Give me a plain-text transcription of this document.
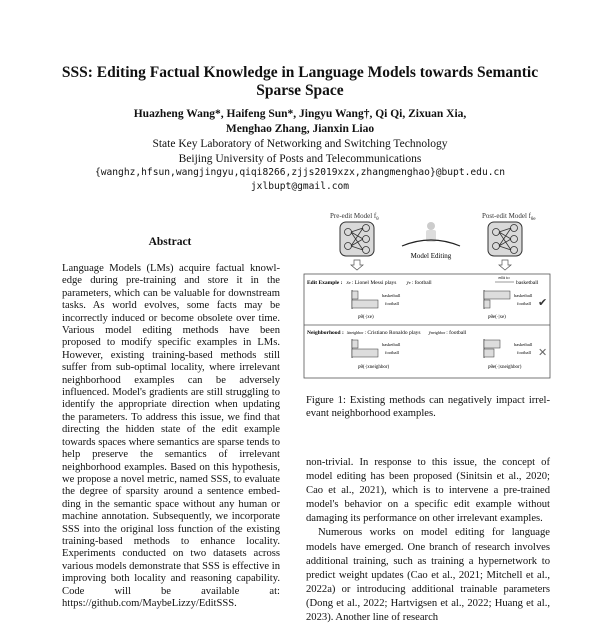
SSS: Editing Factual Knowledge in Language Models towards Semantic Sparse Space
Huazheng Wang*, Haifeng Sun*, Jingyu Wang†, Qi Qi, Zixuan Xia,
Menghao Zhang, Jianxin Liao
State Key Laboratory of Networking and Switching Technology
Beijing University of Posts and Telecommunications
{wanghz,hfsun,wangjingyu,qiqi8266,zjjs2019xzx,zhangmenghao}@bupt.edu.cn
jxlbupt@gmail.com
Abstract
Language Models (LMs) acquire factual knowledge during pre-training and store it in the parameters, which can be valuable for downstream tasks. As world evolves, some facts may be incorrectly induced or become obsolete over time. Various model editing methods have been proposed to modify specific examples in LMs. However, existing training-based methods still suffer from sub-optimal locality, where irrelevant neighborhood examples can be adversely influenced. Model's gradients are still struggling to identify the appropriate direction when updating the parameters. To address this issue, we find that directing the hidden state of the edit example towards spaces where semantics are sparse tends to help preserve the semantics of irrelevant neighborhood examples. Based on this hypothesis, we propose a novel metric, named SSS, to evaluate the degree of sparsity around a sentence embedding in the semantic space without any human or machine annotation. Subsequently, we incorporate SSS into the original loss function of the existing training-based methods to enhance locality. Experiments conducted on two datasets across various models demonstrate that SSS is effective in improving both locality and reasoning capability. Code will be available at: https://github.com/MaybeLizzy/EditSSS.
Pre-edit Model $f_\theta$	Post-edit Model $f_{\theta e}$
Model Editing
Edit Example : xe: Lionel Messi plays ye: football
edit to
basketball
basketball
football
pθ(·|xe)
basketball
football
pθe(·|xe)
✔
Neighborhood : xneighbor: Cristiano Ronaldo plays yneighbor: football
basketball
football
pθ(·|xneighbor)
basketball
football
pθe(·|xneighbor)
✕
Figure 1: Existing methods can negatively impact irrelevant neighborhood examples.

non-trivial. In response to this issue, the concept of model editing has been proposed (Sinitsin et al., 2020; Cao et al., 2021), which is to intervene a pre-trained model's behavior on a specific edit example without damaging its performance on other irrelevant examples.

Numerous works on model editing for language models have emerged. One branch of research involves additional training, such as training a hypernetwork to predict weight updates (Cao et al., 2021; Mitchell et al., 2022a) or introducing additional trainable parameters (Dong et al., 2022; Hartvigsen et al., 2022; Huang et al., 2023). Another line of research
